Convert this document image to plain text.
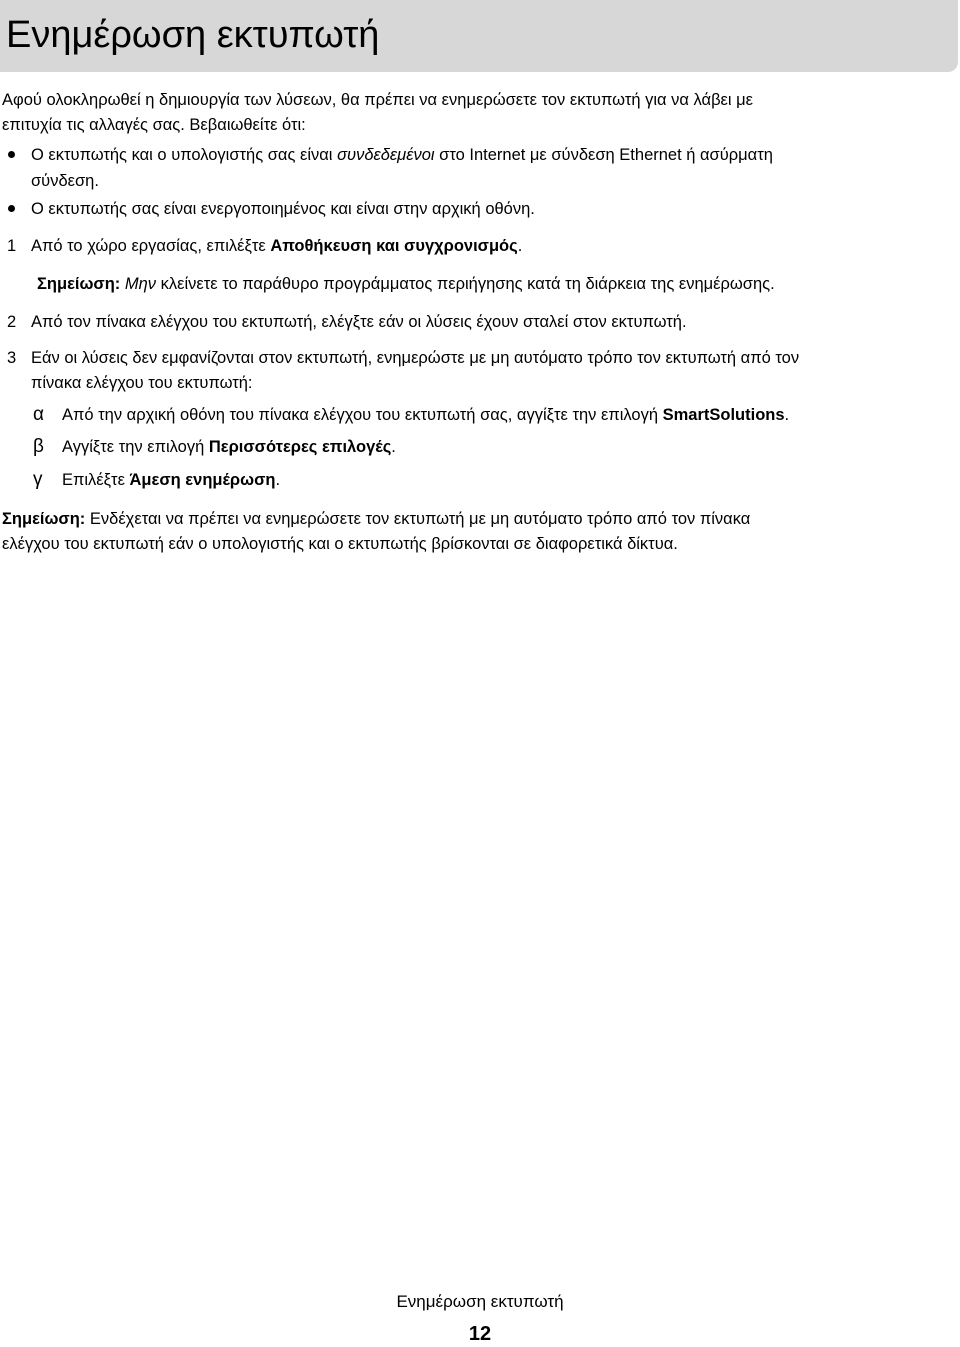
Ενημέρωση εκτυπωτή
Αφού ολοκληρωθεί η δημιουργία των λύσεων, θα πρέπει να ενημερώσετε τον εκτυπωτή για να λάβει με
επιτυχία τις αλλαγές σας. Βεβαιωθείτε ότι:
Ο εκτυπωτής και ο υπολογιστής σας είναι συνδεδεμένοι στο Internet με σύνδεση Ethernet ή ασύρματη
σύνδεση.
Ο εκτυπωτής σας είναι ενεργοποιημένος και είναι στην αρχική οθόνη.
1 Από το χώρο εργασίας, επιλέξτε Αποθήκευση και συγχρονισμός.
Σημείωση: Μην κλείνετε το παράθυρο προγράμματος περιήγησης κατά τη διάρκεια της ενημέρωσης.
2 Από τον πίνακα ελέγχου του εκτυπωτή, ελέγξτε εάν οι λύσεις έχουν σταλεί στον εκτυπωτή.
3 Εάν οι λύσεις δεν εμφανίζονται στον εκτυπωτή, ενημερώστε με μη αυτόματο τρόπο τον εκτυπωτή από τον
πίνακα ελέγχου του εκτυπωτή:
α Από την αρχική οθόνη του πίνακα ελέγχου του εκτυπωτή σας, αγγίξτε την επιλογή SmartSolutions.
β Αγγίξτε την επιλογή Περισσότερες επιλογές.
γ Επιλέξτε Άμεση ενημέρωση.
Σημείωση: Ενδέχεται να πρέπει να ενημερώσετε τον εκτυπωτή με μη αυτόματο τρόπο από τον πίνακα
ελέγχου του εκτυπωτή εάν ο υπολογιστής και ο εκτυπωτής βρίσκονται σε διαφορετικά δίκτυα.
Ενημέρωση εκτυπωτή
12
